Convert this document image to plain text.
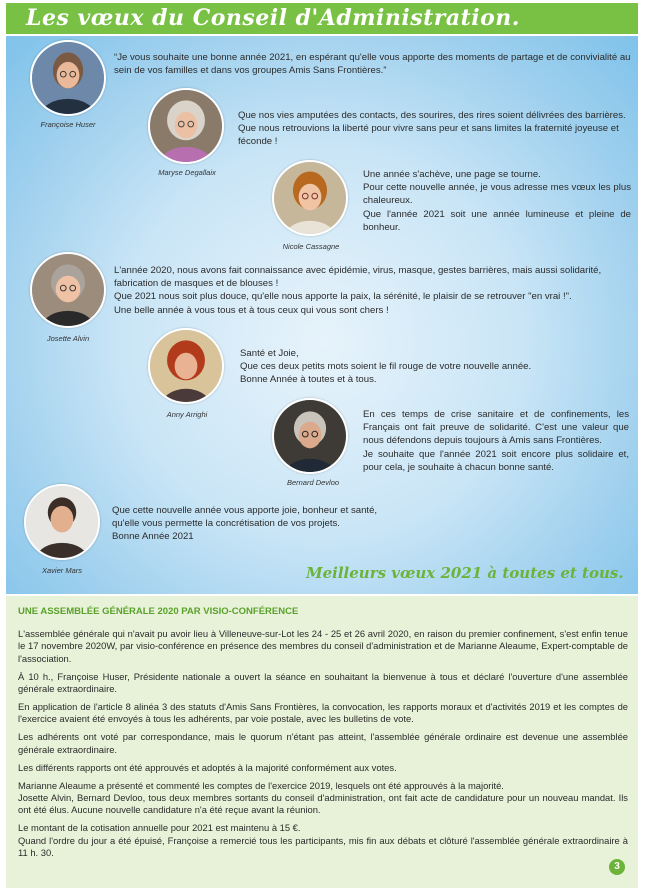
Les vœux du Conseil d'Administration.
Françoise Huser

“Je vous souhaite une bonne année 2021, en espérant qu'elle vous apporte des moments de partage et de convivialité au sein de vos familles et dans vos groupes Amis Sans Frontières.”

Maryse Degallaix

Que nos vies amputées des contacts, des sourires, des rires soient délivrées des barrières. Que nous retrouvions la liberté pour vivre sans peur et sans limites la fraternité joyeuse et féconde !

Nicole Cassagne

Une année s'achève, une page se tourne.

Pour cette nouvelle année, je vous adresse mes vœux les plus chaleureux.

Que l'année 2021 soit une année lumineuse et pleine de bonheur.

Josette Alvin

L'année 2020, nous avons fait connaissance avec épidémie, virus, masque, gestes barrières, mais aussi solidarité, fabrication de masques et de blouses !

Que 2021 nous soit plus douce, qu'elle nous apporte la paix, la sérénité, le plaisir de se retrouver "en vrai !".

Une belle année à vous tous et à tous ceux qui vous sont chers !

Anny Arrighi

Santé et Joie,

Que ces deux petits mots soient le fil rouge de votre nouvelle année.

Bonne Année à toutes et à tous.

Bernard Devloo

En ces temps de crise sanitaire et de confinements, les Français ont fait preuve de solidarité. C'est une valeur que nous défendons depuis toujours à Amis sans Frontières.

Je souhaite que l'année 2021 soit encore plus solidaire et, pour cela, je souhaite à chacun bonne santé.

Xavier Mars

Que cette nouvelle année vous apporte joie, bonheur et santé,

qu'elle vous permette la concrétisation de vos projets.

Bonne Année 2021

Meilleurs vœux 2021 à toutes et tous.
UNE ASSEMBLÉE GÉNÉRALE 2020 PAR VISIO-CONFÉRENCE

L'assemblée générale qui n'avait pu avoir lieu à Villeneuve-sur-Lot les 24 - 25 et 26 avril 2020, en raison du premier confinement, s'est enfin tenue le 17 novembre 2020W, par visio-conférence en présence des membres du conseil d'administration et de Marianne Aleaume, Expert-comptable de l'association.

À 10 h., Françoise Huser, Présidente nationale a ouvert la séance en souhaitant la bienvenue à tous et déclaré l'ouverture d'une assemblée générale extraordinaire.

En application de l'article 8 alinéa 3 des statuts d'Amis Sans Frontières, la convocation, les rapports moraux et d'activités 2019 et les comptes de l'exercice avaient été envoyés à tous les adhérents, par voie postale, avec les bulletins de vote.

Les adhérents ont voté par correspondance, mais le quorum n'étant pas atteint, l'assemblée générale ordinaire est devenue une assemblée générale extraordinaire.

Les différents rapports ont été approuvés et adoptés à la majorité conformément aux votes.

Marianne Aleaume a présenté et commenté les comptes de l'exercice 2019, lesquels ont été approuvés à la majorité.

Josette Alvin, Bernard Devloo, tous deux membres sortants du conseil d'administration, ont fait acte de candidature pour un nouveau mandat. Ils ont été élus. Aucune nouvelle candidature n'a été reçue avant la réunion.

Le montant de la cotisation annuelle pour 2021 est maintenu à 15 €.

Quand l'ordre du jour a été épuisé, Françoise a remercié tous les participants, mis fin aux débats et clôturé l'assemblée générale extraordinaire à 11 h. 30.

3
